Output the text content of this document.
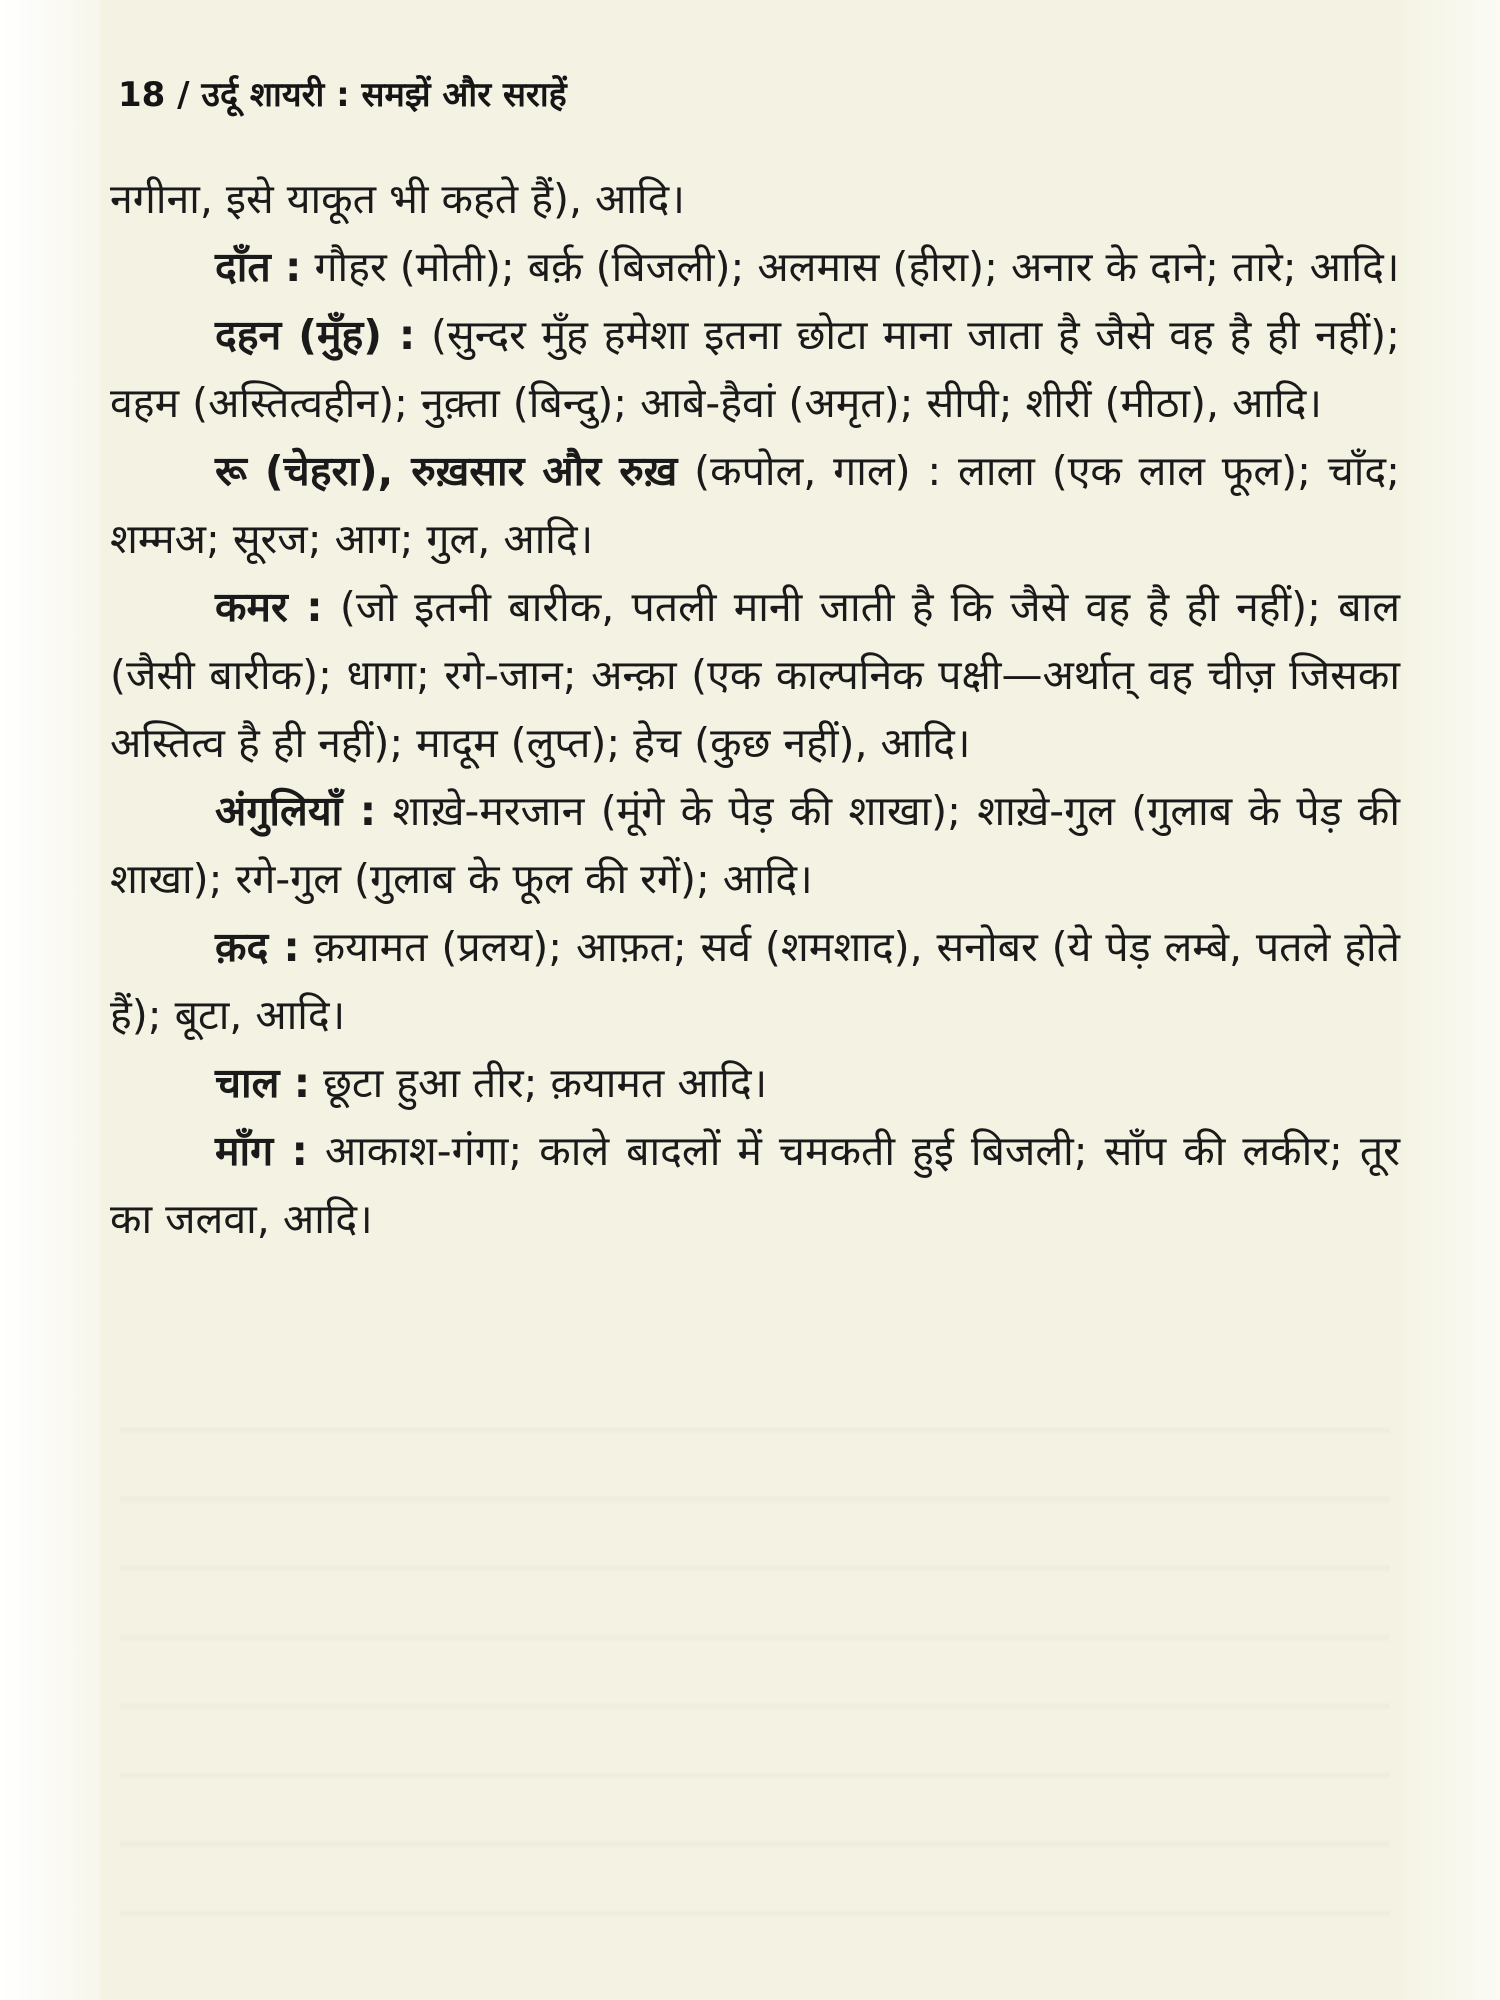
18 / उर्दू शायरी : समझें और सराहें

नगीना, इसे याकूत भी कहते हैं), आदि।

दाँत : गौहर (मोती); बर्क़ (बिजली); अलमास (हीरा); अनार के दाने; तारे; आदि।

दहन (मुँह) : (सुन्दर मुँह हमेशा इतना छोटा माना जाता है जैसे वह है ही नहीं); वहम (अस्तित्वहीन); नुक़्ता (बिन्दु); आबे-हैवां (अमृत); सीपी; शीरीं (मीठा), आदि।

रू (चेहरा), रुख़सार और रुख़ (कपोल, गाल) : लाला (एक लाल फूल); चाँद; शम्मअ; सूरज; आग; गुल, आदि।

कमर : (जो इतनी बारीक, पतली मानी जाती है कि जैसे वह है ही नहीं); बाल (जैसी बारीक); धागा; रगे-जान; अन्क़ा (एक काल्पनिक पक्षी—अर्थात् वह चीज़ जिसका अस्तित्व है ही नहीं); मादूम (लुप्त); हेच (कुछ नहीं), आदि।

अंगुलियाँ : शाख़े-मरजान (मूंगे के पेड़ की शाखा); शाख़े-गुल (गुलाब के पेड़ की शाखा); रगे-गुल (गुलाब के फूल की रगें); आदि।

क़द : क़यामत (प्रलय); आफ़त; सर्व (शमशाद), सनोबर (ये पेड़ लम्बे, पतले होते हैं); बूटा, आदि।

चाल : छूटा हुआ तीर; क़यामत आदि।

माँग : आकाश-गंगा; काले बादलों में चमकती हुई बिजली; साँप की लकीर; तूर का जलवा, आदि।
